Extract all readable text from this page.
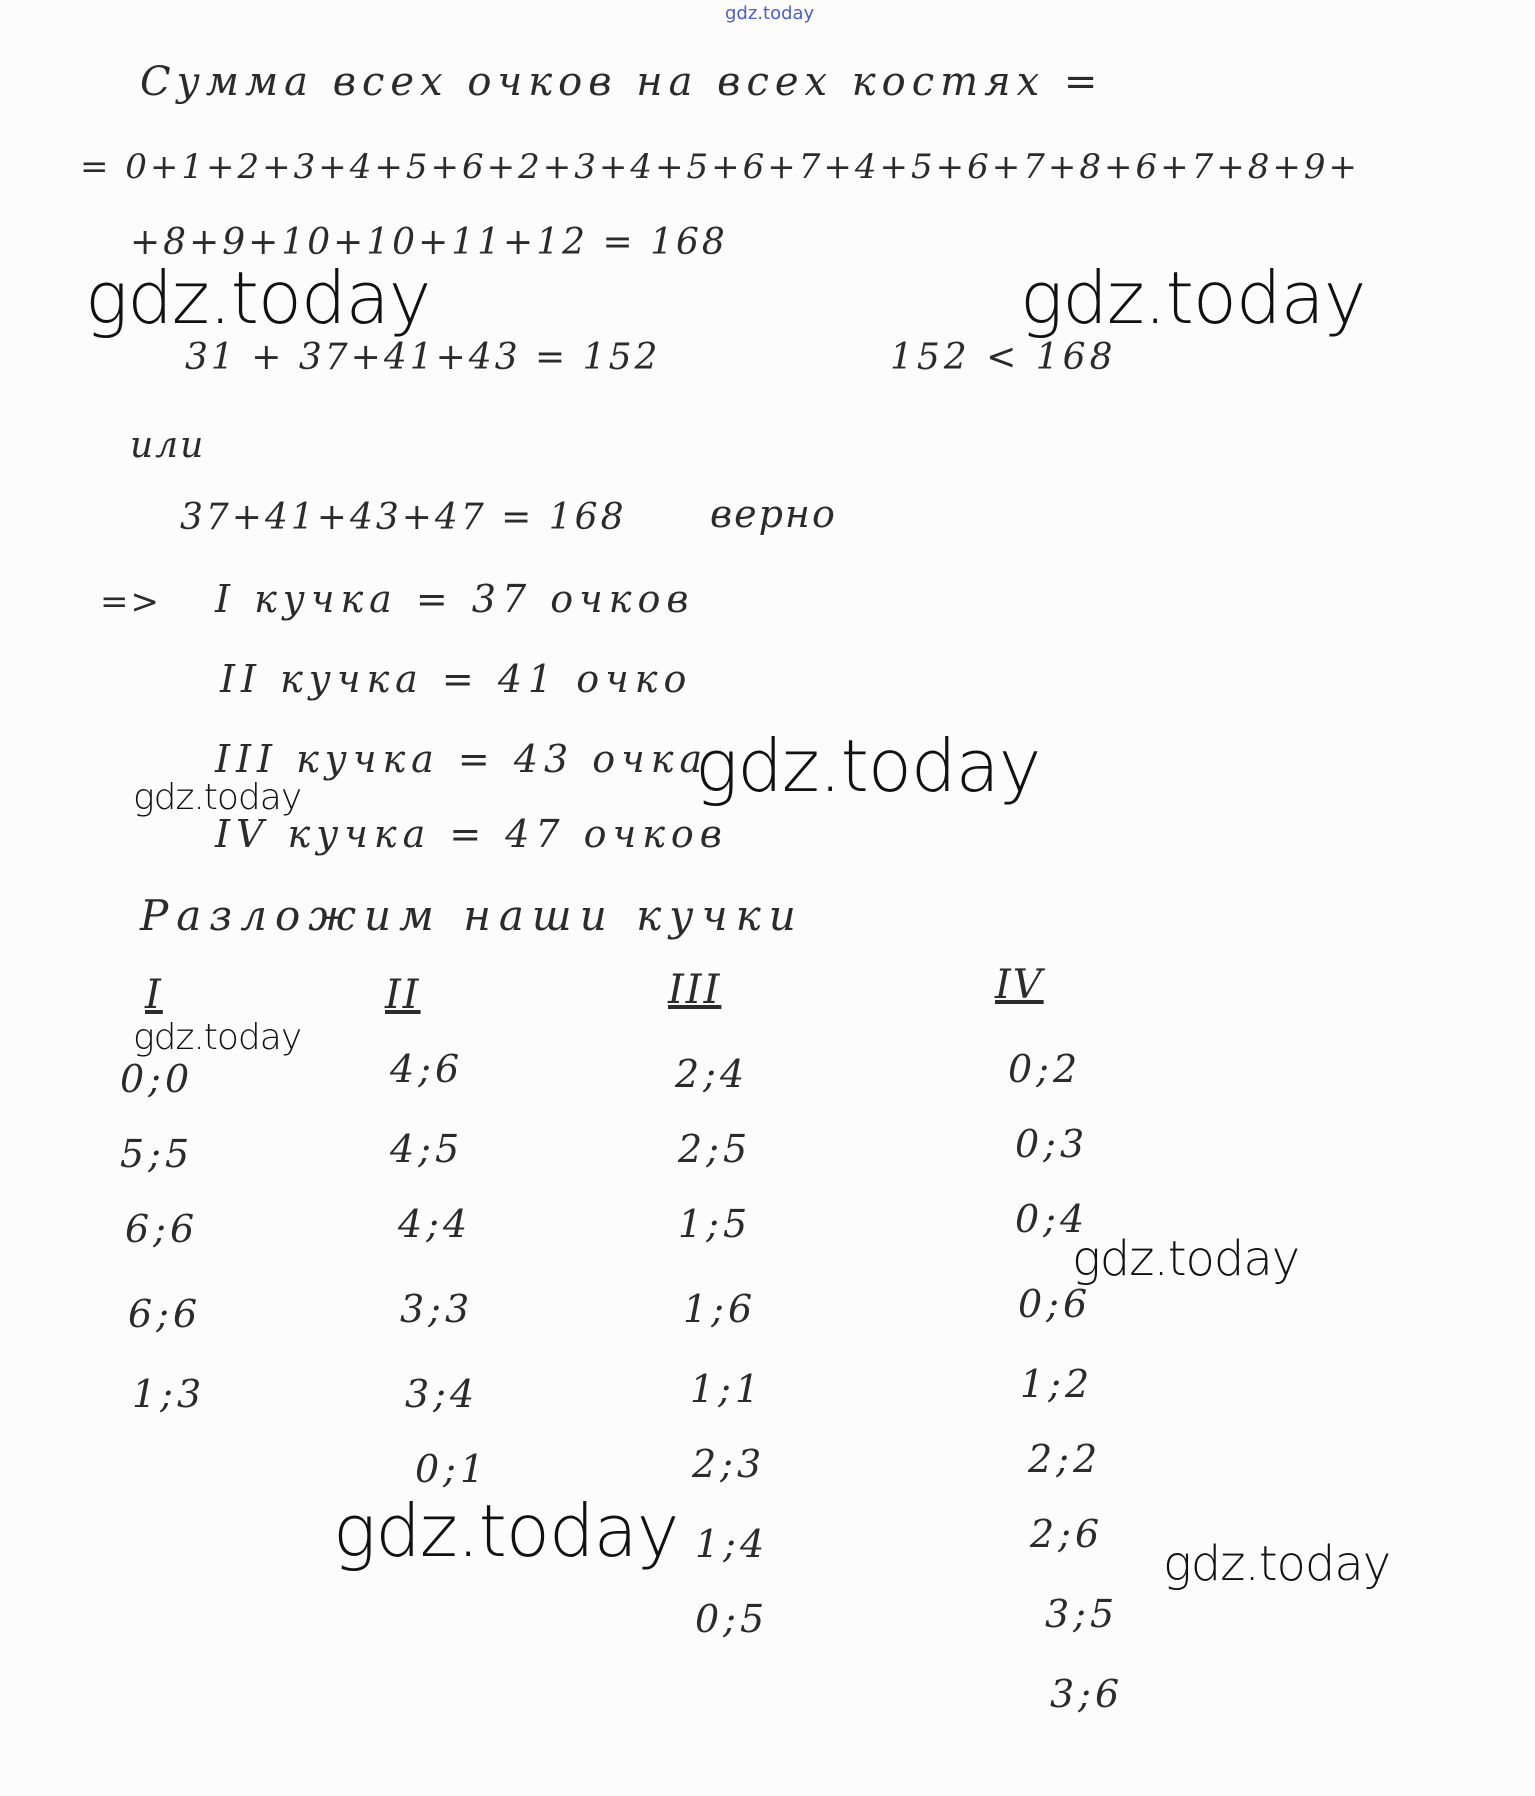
gdz.today
Сумма всех очков на всех костях =
= 0+1+2+3+4+5+6+2+3+4+5+6+7+4+5+6+7+8+6+7+8+9+
+8+9+10+10+11+12 = 168
31 + 37+41+43 = 152	152 < 168
или
37+41+43+47 = 168 верно
=> I кучка = 37 очков
II кучка = 41 очко
III кучка = 43 очка
IV кучка = 47 очков
Разложим наши кучки
I
0;0
5;5
6;6
6;6
1;3
II
4;6
4;5
4;4
3;3
3;4
0;1
III
2;4
2;5
1;5
1;6
1;1
2;3
1;4
0;5
IV
0;2
0;3
0;4
0;6
1;2
2;2
2;6
3;5
3;6
gdz.today	gdz.today
gdz.today
gdz.today
gdz.today
gdz.today
gdz.today	gdz.today
